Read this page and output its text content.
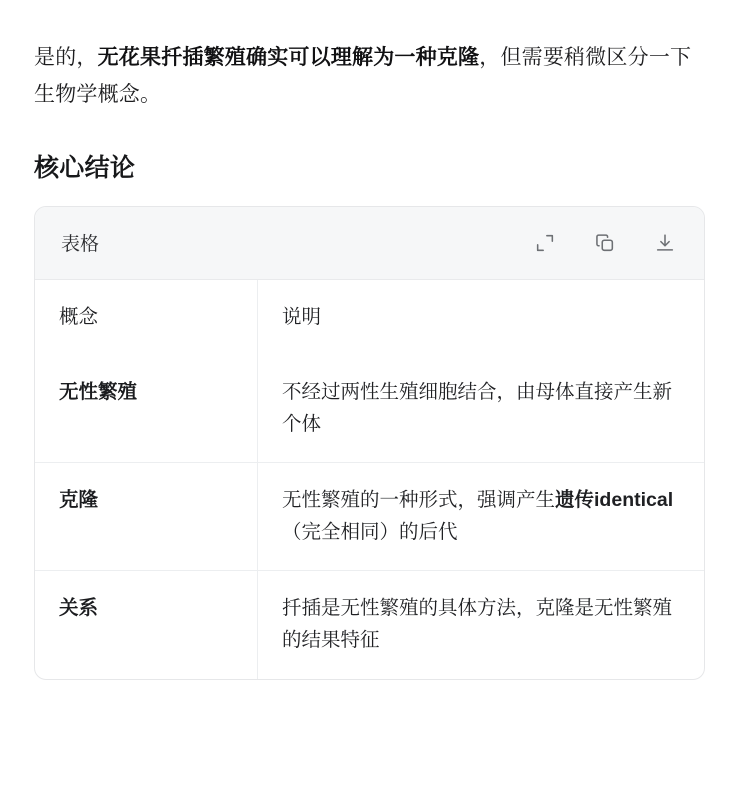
是的，无花果扦插繁殖确实可以理解为一种克隆，但需要稍微区分一下生物学概念。

核心结论
表格
概念	说明
无性繁殖	不经过两性生殖细胞结合，由母体直接产生新个体
克隆	无性繁殖的一种形式，强调产生遗传identical（完全相同）的后代
关系	扦插是无性繁殖的具体方法，克隆是无性繁殖的结果特征
